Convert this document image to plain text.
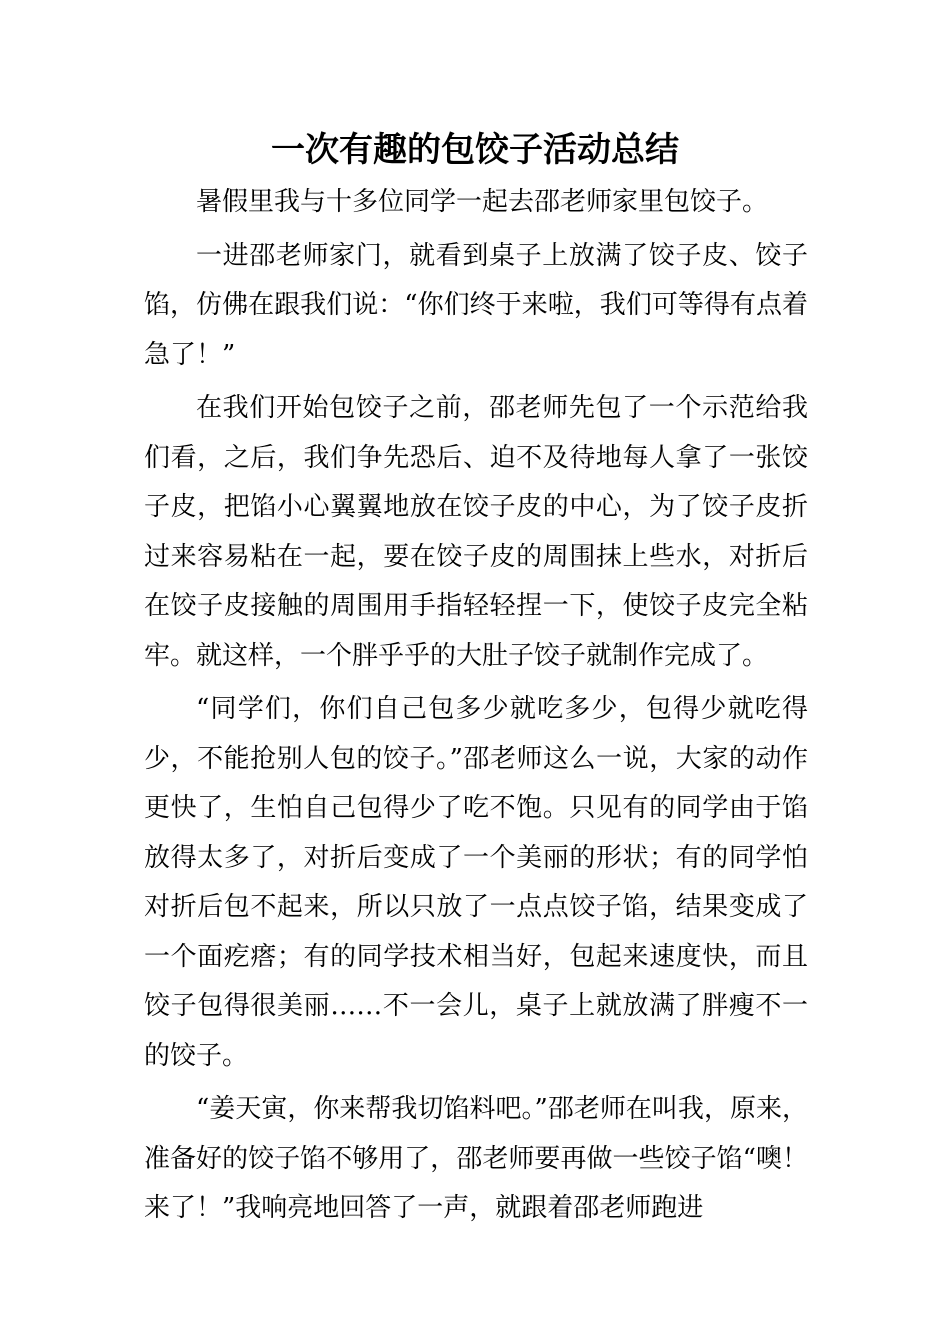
一次有趣的包饺子活动总结

暑假里我与十多位同学一起去邵老师家里包饺子。

一进邵老师家门，就看到桌子上放满了饺子皮、饺子馅，仿佛在跟我们说：“你们终于来啦，我们可等得有点着急了！”

在我们开始包饺子之前，邵老师先包了一个示范给我们看，之后，我们争先恐后、迫不及待地每人拿了一张饺子皮，把馅小心翼翼地放在饺子皮的中心，为了饺子皮折过来容易粘在一起，要在饺子皮的周围抹上些水，对折后在饺子皮接触的周围用手指轻轻捏一下，使饺子皮完全粘牢。就这样，一个胖乎乎的大肚子饺子就制作完成了。

“同学们，你们自己包多少就吃多少，包得少就吃得少，不能抢别人包的饺子。”邵老师这么一说，大家的动作更快了，生怕自己包得少了吃不饱。只见有的同学由于馅放得太多了，对折后变成了一个美丽的形状；有的同学怕对折后包不起来，所以只放了一点点饺子馅，结果变成了一个面疙瘩；有的同学技术相当好，包起来速度快，而且饺子包得很美丽……不一会儿，桌子上就放满了胖瘦不一的饺子。

“姜天寅，你来帮我切馅料吧。”邵老师在叫我，原来，准备好的饺子馅不够用了，邵老师要再做一些饺子馅“噢！来了！”我响亮地回答了一声，就跟着邵老师跑进
